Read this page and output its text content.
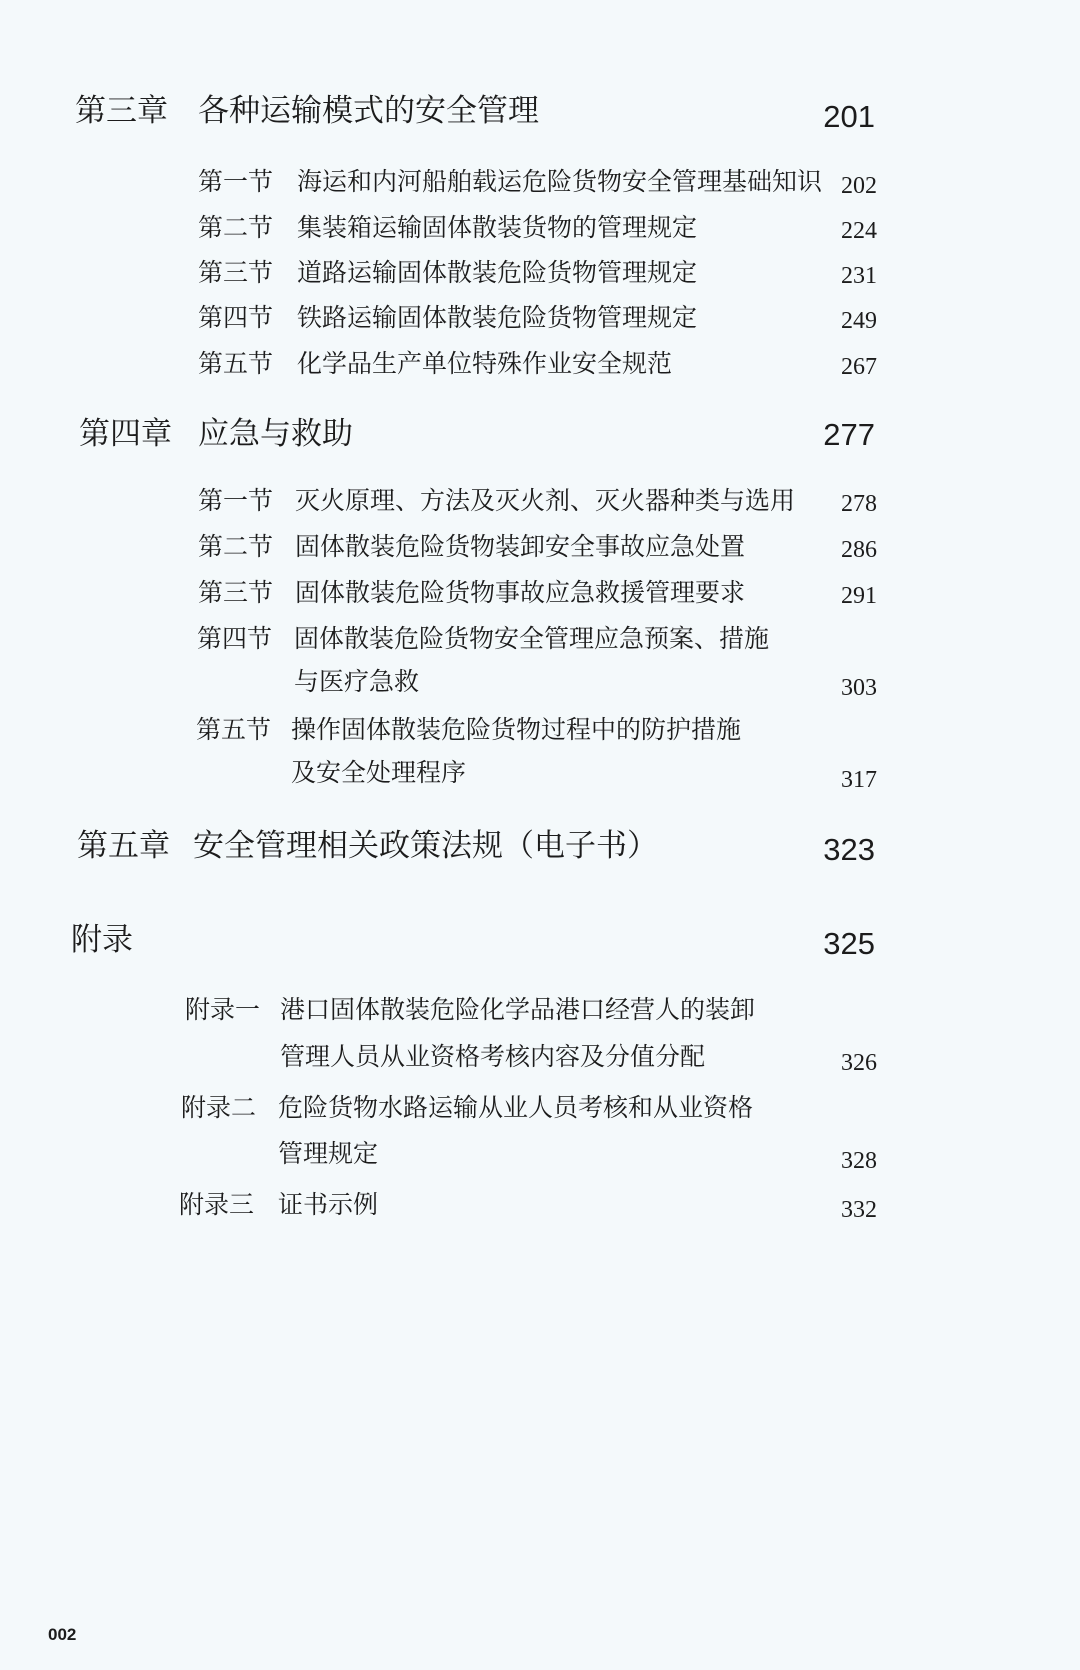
第三章 各种运输模式的安全管理	201
第一节 海运和内河船舶载运危险货物安全管理基础知识 202
第二节 集装箱运输固体散装货物的管理规定	224
第三节 道路运输固体散装危险货物管理规定	231
第四节 铁路运输固体散装危险货物管理规定	249
第五节 化学品生产单位特殊作业安全规范	267
第四章 应急与救助	277
第一节 灭火原理、方法及灭火剂、灭火器种类与选用 278
第二节 固体散装危险货物装卸安全事故应急处置	286
第三节 固体散装危险货物事故应急救援管理要求	291
第四节 固体散装危险货物安全管理应急预案、措施
与医疗急救	303
第五节 操作固体散装危险货物过程中的防护措施
及安全处理程序	317
第五章 安全管理相关政策法规（电子书）	323
附录	325
附录一 港口固体散装危险化学品港口经营人的装卸
管理人员从业资格考核内容及分值分配	326
附录二 危险货物水路运输从业人员考核和从业资格
管理规定	328
附录三 证书示例	332
002
